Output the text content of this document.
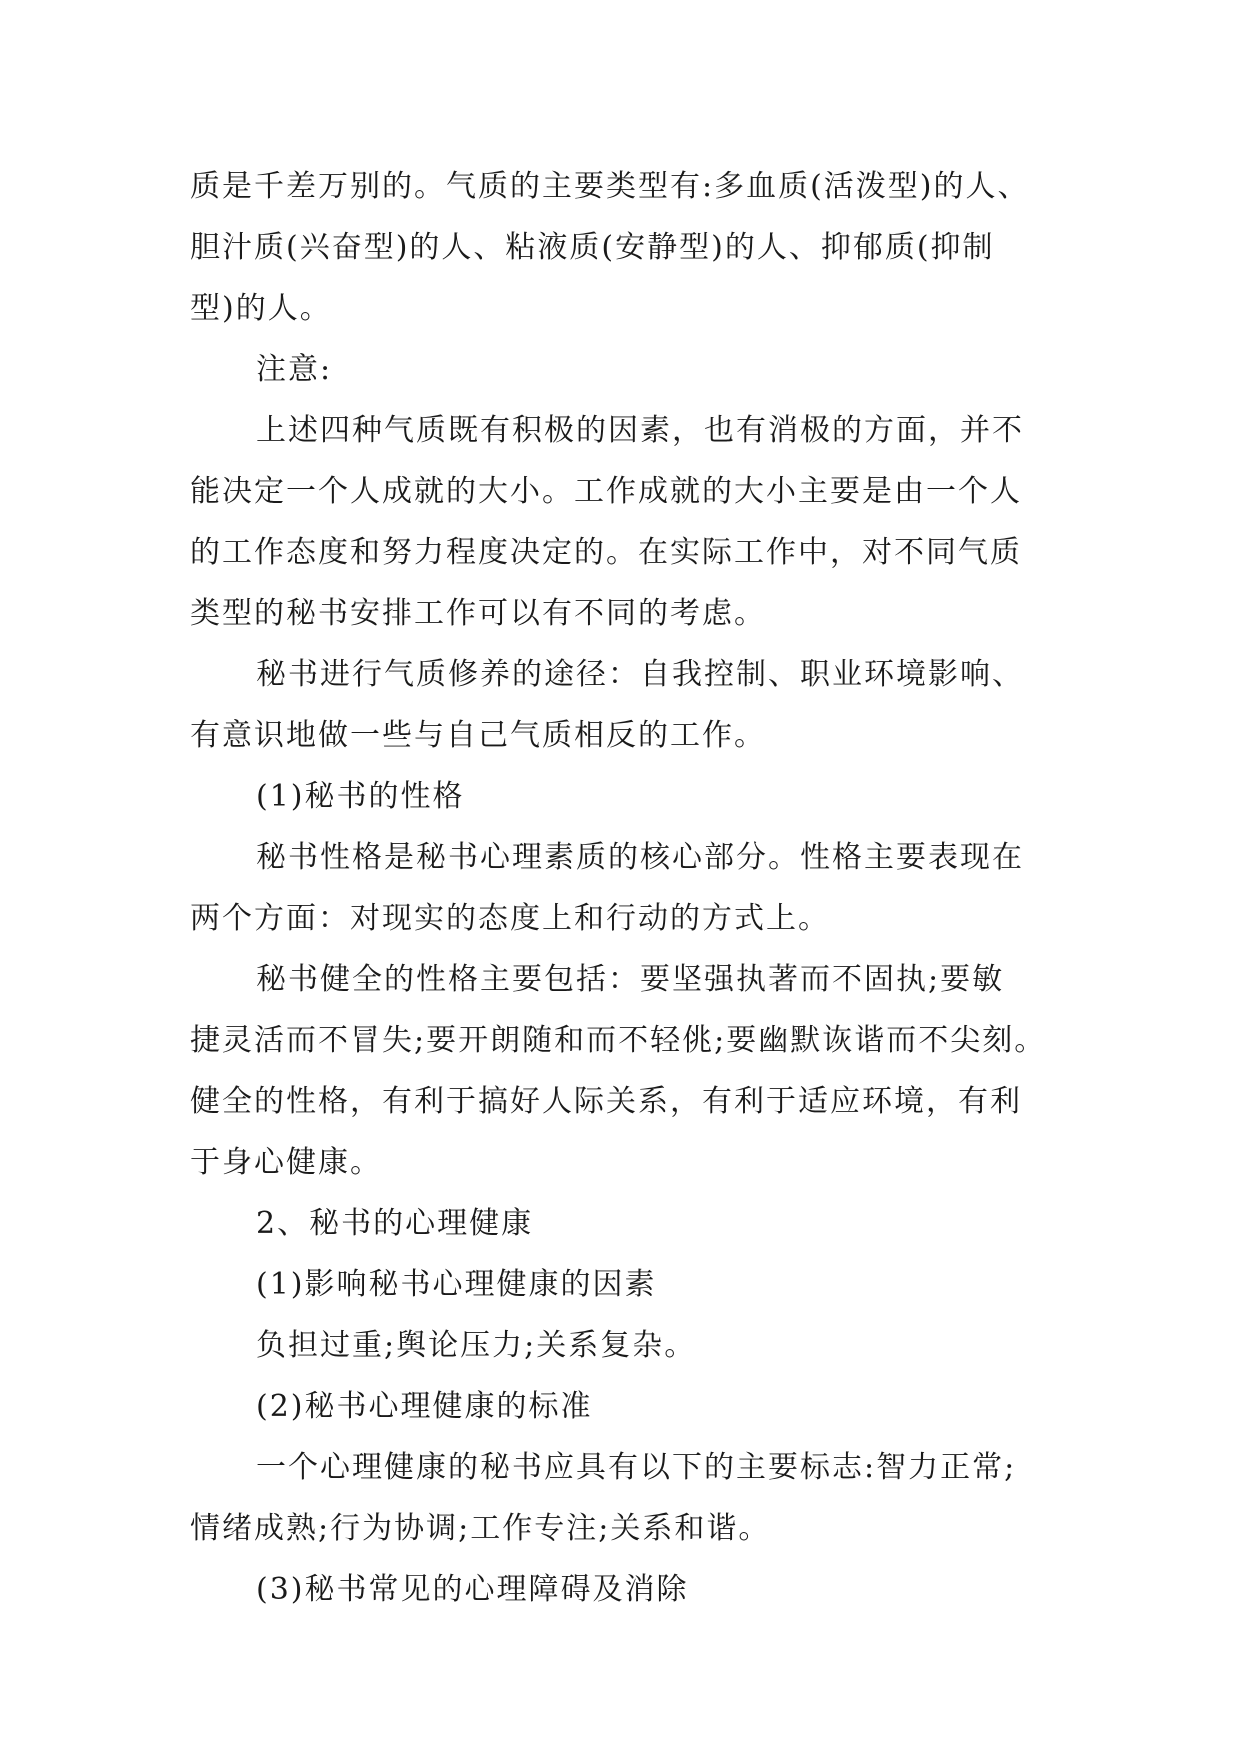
质是千差万别的。气质的主要类型有:多血质(活泼型)的人、
胆汁质(兴奋型)的人、粘液质(安静型)的人、抑郁质(抑制
型)的人。
注意:
上述四种气质既有积极的因素，也有消极的方面，并不
能决定一个人成就的大小。工作成就的大小主要是由一个人
的工作态度和努力程度决定的。在实际工作中，对不同气质
类型的秘书安排工作可以有不同的考虑。
秘书进行气质修养的途径：自我控制、职业环境影响、
有意识地做一些与自己气质相反的工作。
(1)秘书的性格
秘书性格是秘书心理素质的核心部分。性格主要表现在
两个方面：对现实的态度上和行动的方式上。
秘书健全的性格主要包括：要坚强执著而不固执;要敏
捷灵活而不冒失;要开朗随和而不轻佻;要幽默诙谐而不尖刻。
健全的性格，有利于搞好人际关系，有利于适应环境，有利
于身心健康。
2、秘书的心理健康
(1)影响秘书心理健康的因素
负担过重;舆论压力;关系复杂。
(2)秘书心理健康的标准
一个心理健康的秘书应具有以下的主要标志:智力正常;
情绪成熟;行为协调;工作专注;关系和谐。
(3)秘书常见的心理障碍及消除
